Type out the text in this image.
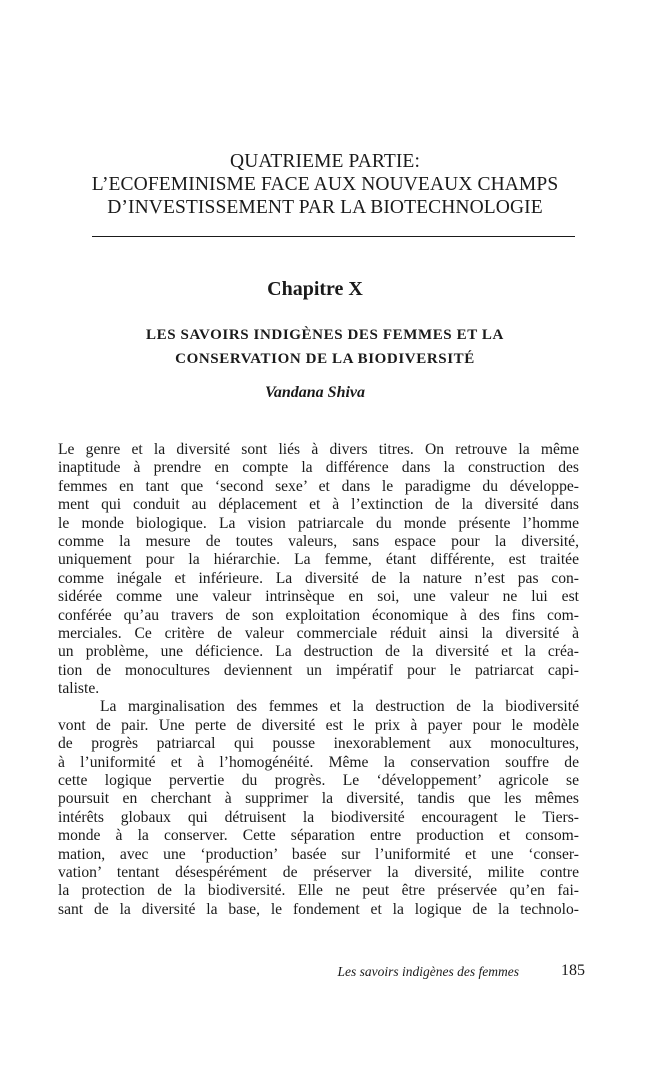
QUATRIEME PARTIE:
L’ECOFEMINISME FACE AUX NOUVEAUX CHAMPS
D’INVESTISSEMENT PAR LA BIOTECHNOLOGIE
Chapitre X
LES SAVOIRS INDIGÈNES DES FEMMES ET LA
CONSERVATION DE LA BIODIVERSITÉ
Vandana Shiva
Le genre et la diversité sont liés à divers titres. On retrouve la même
inaptitude à prendre en compte la différence dans la construction des
femmes en tant que ‘second sexe’ et dans le paradigme du développe-
ment qui conduit au déplacement et à l’extinction de la diversité dans
le monde biologique. La vision patriarcale du monde présente l’homme
comme la mesure de toutes valeurs, sans espace pour la diversité,
uniquement pour la hiérarchie. La femme, étant différente, est traitée
comme inégale et inférieure. La diversité de la nature n’est pas con-
sidérée comme une valeur intrinsèque en soi, une valeur ne lui est
conférée qu’au travers de son exploitation économique à des fins com-
merciales. Ce critère de valeur commerciale réduit ainsi la diversité à
un problème, une déficience. La destruction de la diversité et la créa-
tion de monocultures deviennent un impératif pour le patriarcat capi-
taliste.
La marginalisation des femmes et la destruction de la biodiversité
vont de pair. Une perte de diversité est le prix à payer pour le modèle
de progrès patriarcal qui pousse inexorablement aux monocultures,
à l’uniformité et à l’homogénéité. Même la conservation souffre de
cette logique pervertie du progrès. Le ‘développement’ agricole se
poursuit en cherchant à supprimer la diversité, tandis que les mêmes
intérêts globaux qui détruisent la biodiversité encouragent le Tiers-
monde à la conserver. Cette séparation entre production et consom-
mation, avec une ‘production’ basée sur l’uniformité et une ‘conser-
vation’ tentant désespérément de préserver la diversité, milite contre
la protection de la biodiversité. Elle ne peut être préservée qu’en fai-
sant de la diversité la base, le fondement et la logique de la technolo-
Les savoirs indigènes des femmes	185
